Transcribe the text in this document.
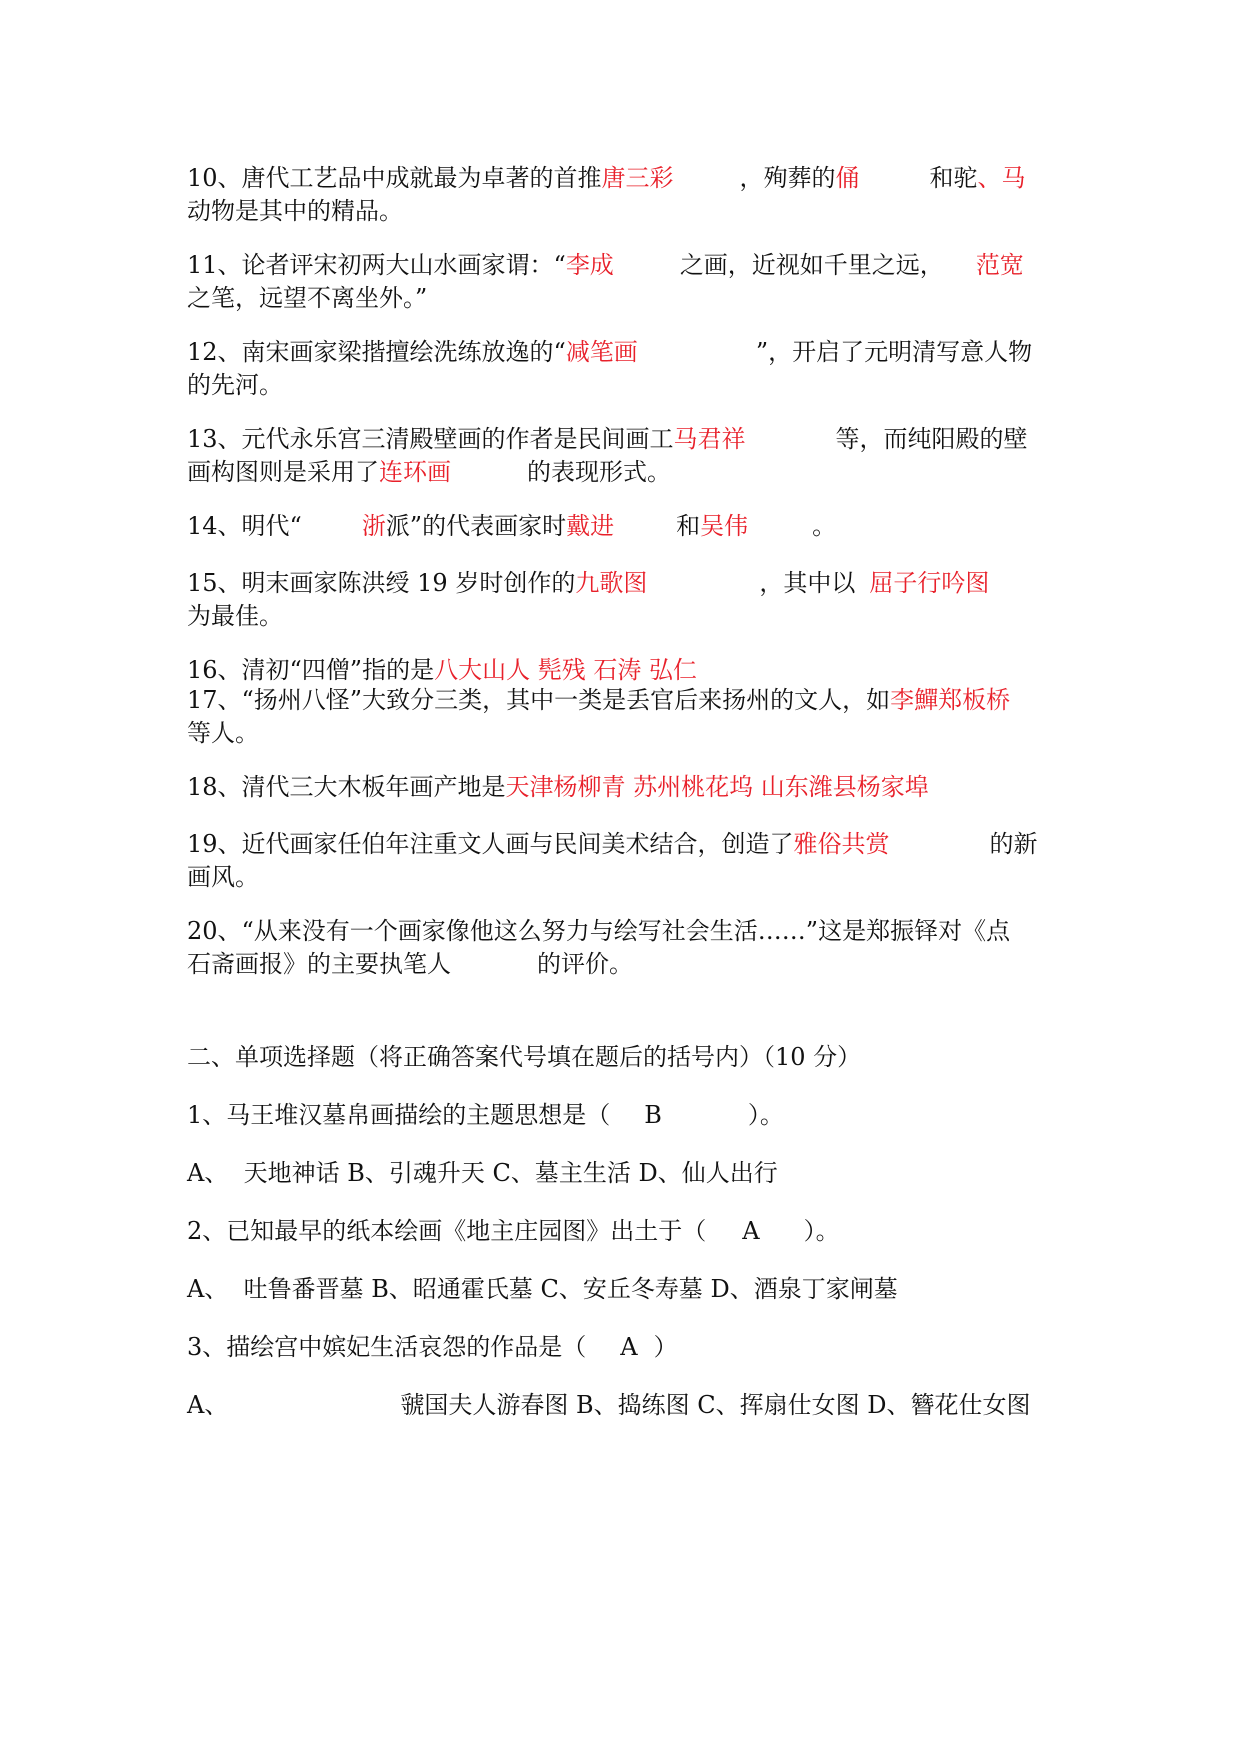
10、唐代工艺品中成就最为卓著的首推唐三彩	，殉葬的俑	和驼、马
动物是其中的精品。
11、论者评宋初两大山水画家谓：“李成	之画，近视如千里之远， 范宽
之笔，远望不离坐外。”
12、南宋画家梁揩擅绘洗练放逸的“减笔画	”，开启了元明清写意人物
的先河。
13、元代永乐宫三清殿壁画的作者是民间画工马君祥	等，而纯阳殿的壁
画构图则是采用了连环画	的表现形式。
14、明代“	浙派”的代表画家时戴进	和吴伟	。
15、明末画家陈洪绶 19 岁时创作的九歌图	，其中以 屈子行吟图
为最佳。
16、清初“四僧”指的是八大山人 髡残 石涛 弘仁
17、“扬州八怪”大致分三类，其中一类是丢官后来扬州的文人，如李鱓郑板桥
等人。
18、清代三大木板年画产地是天津杨柳青 苏州桃花坞 山东潍县杨家埠
19、近代画家任伯年注重文人画与民间美术结合，创造了雅俗共赏	的新
画风。
20、“从来没有一个画家像他这么努力与绘写社会生活……”这是郑振铎对《点
石斋画报》的主要执笔人	的评价。
二、单项选择题（将正确答案代号填在题后的括号内）（10 分）
1、马王堆汉墓帛画描绘的主题思想是（ B	）。
A、  天地神话 B、引魂升天 C、墓主生活 D、仙人出行
2、已知最早的纸本绘画《地主庄园图》出土于（ A ）。
A、  吐鲁番晋墓 B、昭通霍氏墓 C、安丘冬寿墓 D、酒泉丁家闸墓
3、描绘宫中嫔妃生活哀怨的作品是（ A ）
A、	虢国夫人游春图 B、捣练图 C、挥扇仕女图 D、簪花仕女图
